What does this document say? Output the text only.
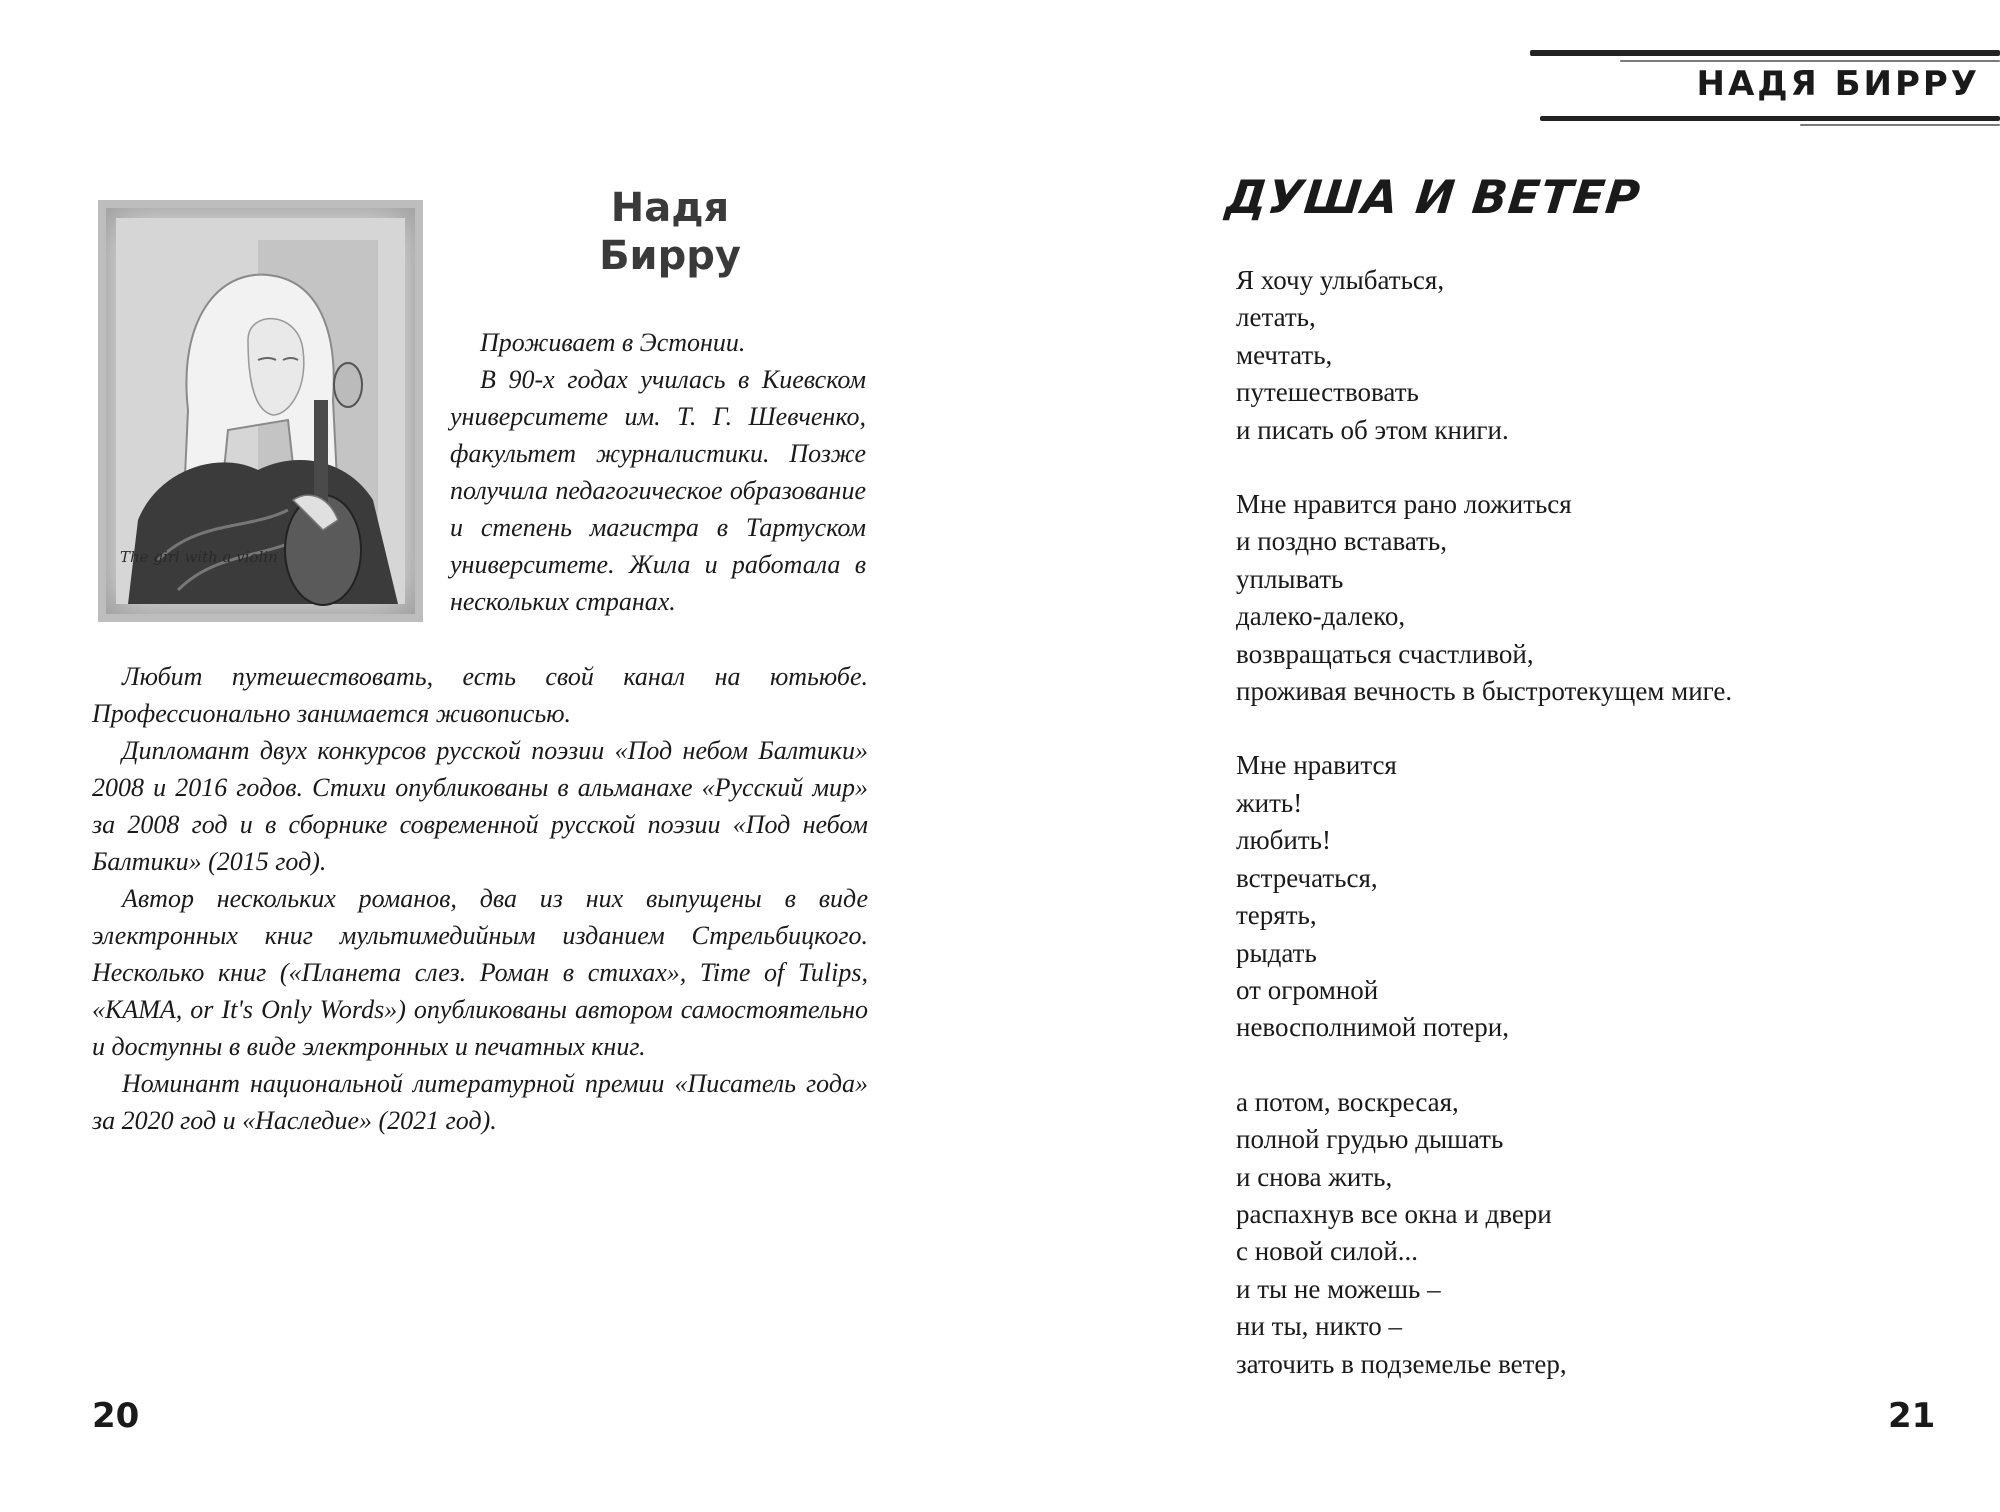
НАДЯ БИРРУ
The girl with a violin
Надя
Бирру

Проживает в Эстонии.

В 90-х годах училась в Киевском университете им. Т. Г. Шевченко, факультет журналистики. Позже получила педагогическое образование и степень магистра в Тартуском университете. Жила и работала в нескольких странах.

Любит путешествовать, есть свой канал на ютьюбе. Профессионально занимается живописью.

Дипломант двух конкурсов русской поэзии «Под небом Балтики» 2008 и 2016 годов. Стихи опубликованы в альманахе «Русский мир» за 2008 год и в сборнике современной русской поэзии «Под небом Балтики» (2015 год).

Автор нескольких романов, два из них выпущены в виде электронных книг мультимедийным изданием Стрельбицкого. Несколько книг («Планета слез. Роман в стихах», Time of Tulips, «KAMA, or It's Only Words») опубликованы автором самостоятельно и доступны в виде электронных и печатных книг.

Номинант национальной литературной премии «Писатель года» за 2020 год и «Наследие» (2021 год).

20
ДУША И ВЕТЕР
Я хочу улыбаться,
летать,
мечтать,
путешествовать
и писать об этом книги.
Мне нравится рано ложиться
и поздно вставать,
уплывать
далеко-далеко,
возвращаться счастливой,
проживая вечность в быстротекущем миге.
Мне нравится
жить!
любить!
встречаться,
терять,
рыдать
от огромной
невосполнимой потери,
а потом, воскресая,
полной грудью дышать
и снова жить,
распахнув все окна и двери
с новой силой...
и ты не можешь –
ни ты, никто –
заточить в подземелье ветер,
21
